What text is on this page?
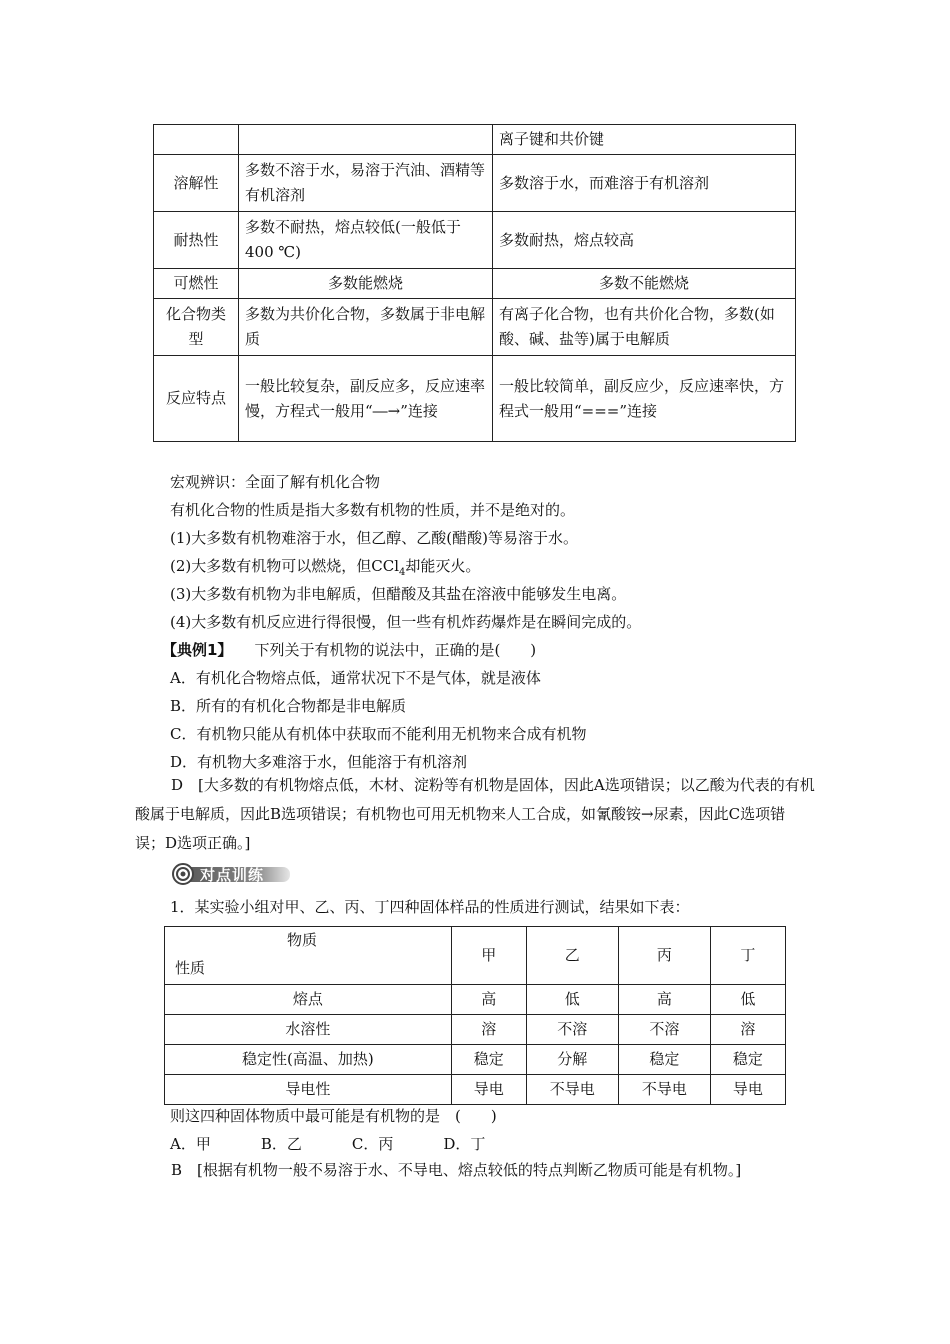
		离子键和共价键
溶解性	多数不溶于水，易溶于汽油、酒精等有机溶剂	多数溶于水，而难溶于有机溶剂
耐热性	多数不耐热，熔点较低(一般低于400 ℃)	多数耐热，熔点较高
可燃性	多数能燃烧	多数不能燃烧
化合物类型	多数为共价化合物，多数属于非电解质	有离子化合物，也有共价化合物，多数(如酸、碱、盐等)属于电解质
反应特点	一般比较复杂，副反应多，反应速率慢，方程式一般用“―→”连接	一般比较简单，副反应少，反应速率快，方程式一般用“===”连接
宏观辨识：全面了解有机化合物
有机化合物的性质是指大多数有机物的性质，并不是绝对的。
(1)大多数有机物难溶于水，但乙醇、乙酸(醋酸)等易溶于水。
(2)大多数有机物可以燃烧，但CCl$_4$却能灭火。
(3)大多数有机物为非电解质，但醋酸及其盐在溶液中能够发生电离。
(4)大多数有机反应进行得很慢，但一些有机炸药爆炸是在瞬间完成的。
【典例1】 下列关于有机物的说法中，正确的是(　　)
A．有机化合物熔点低，通常状况下不是气体，就是液体
B．所有的有机化合物都是非电解质
C．有机物只能从有机体中获取而不能利用无机物来合成有机物
D．有机物大多难溶于水，但能溶于有机溶剂
D　[大多数的有机物熔点低，木材、淀粉等有机物是固体，因此A选项错误；以乙酸为代表的有机酸属于电解质，因此B选项错误；有机物也可用无机物来人工合成，如氰酸铵→尿素，因此C选项错误；D选项正确。]
对点训练
1．某实验小组对甲、乙、丙、丁四种固体样品的性质进行测试，结果如下表：
物质
性质	甲	乙	丙	丁
熔点	高	低	高	低
水溶性	溶	不溶	不溶	溶
稳定性(高温、加热)	稳定	分解	稳定	稳定
导电性	导电	不导电	不导电	导电
则这四种固体物质中最可能是有机物的是　(　　)
A．甲	B．乙	C．丙	D．丁
B　[根据有机物一般不易溶于水、不导电、熔点较低的特点判断乙物质可能是有机物。]
